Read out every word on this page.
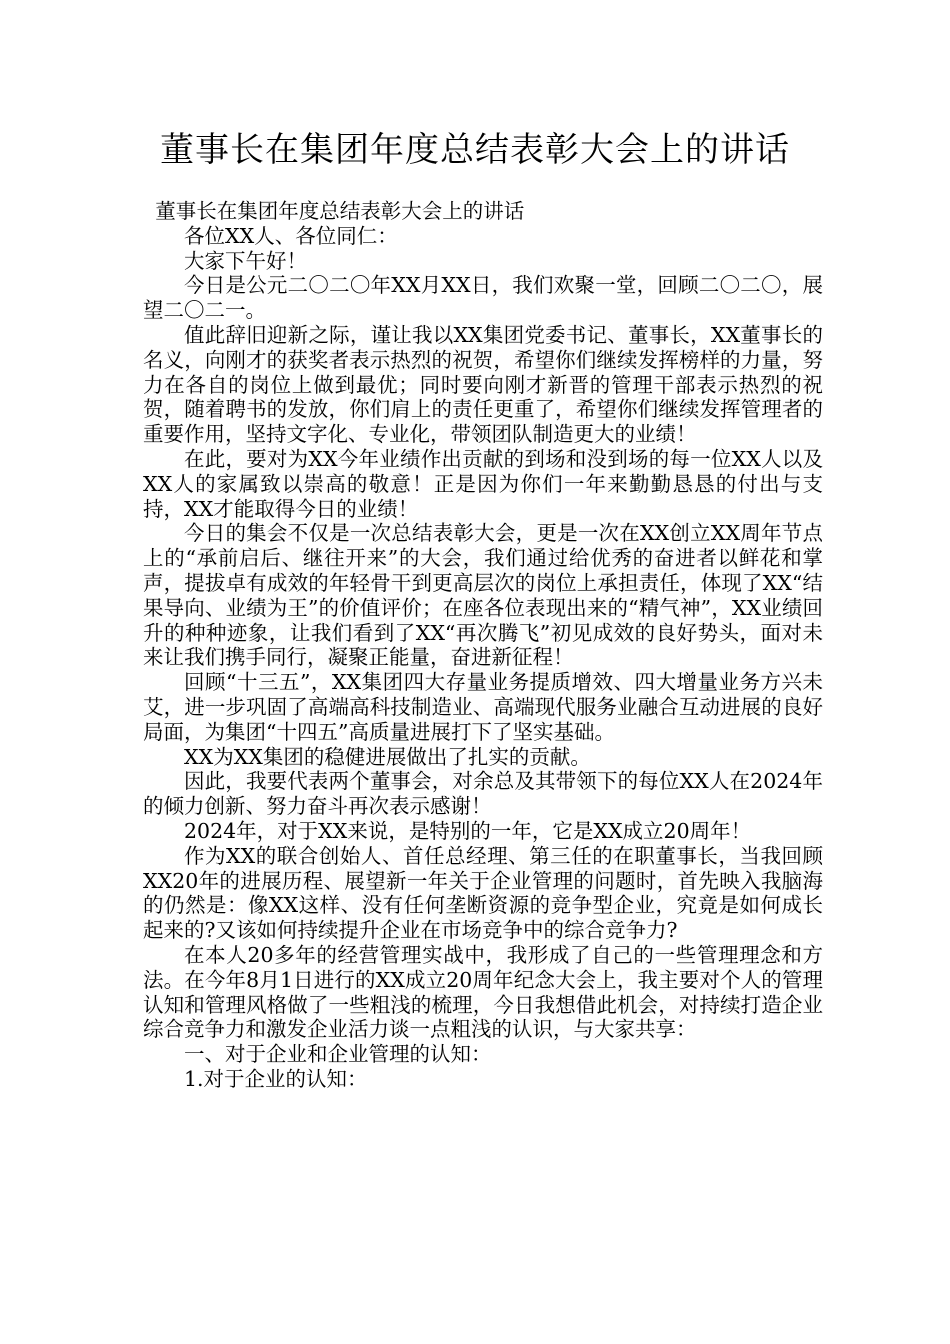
董事长在集团年度总结表彰大会上的讲话

董事长在集团年度总结表彰大会上的讲话

各位XX人、各位同仁：

大家下午好！

今日是公元二〇二〇年XX月XX日，我们欢聚一堂，回顾二〇二〇，展望二〇二一。

值此辞旧迎新之际，谨让我以XX集团党委书记、董事长，XX董事长的名义，向刚才的获奖者表示热烈的祝贺，希望你们继续发挥榜样的力量，努力在各自的岗位上做到最优；同时要向刚才新晋的管理干部表示热烈的祝贺，随着聘书的发放，你们肩上的责任更重了，希望你们继续发挥管理者的重要作用，坚持文字化、专业化，带领团队制造更大的业绩！

在此，要对为XX今年业绩作出贡献的到场和没到场的每一位XX人以及XX人的家属致以崇高的敬意！正是因为你们一年来勤勤恳恳的付出与支持，XX才能取得今日的业绩！

今日的集会不仅是一次总结表彰大会，更是一次在XX创立XX周年节点上的“承前启后、继往开来”的大会，我们通过给优秀的奋进者以鲜花和掌声，提拔卓有成效的年轻骨干到更高层次的岗位上承担责任，体现了XX“结果导向、业绩为王”的价值评价；在座各位表现出来的“精气神”，XX业绩回升的种种迹象，让我们看到了XX“再次腾飞”初见成效的良好势头，面对未来让我们携手同行，凝聚正能量，奋进新征程！

回顾“十三五”，XX集团四大存量业务提质增效、四大增量业务方兴未艾，进一步巩固了高端高科技制造业、高端现代服务业融合互动进展的良好局面，为集团“十四五”高质量进展打下了坚实基础。

XX为XX集团的稳健进展做出了扎实的贡献。

因此，我要代表两个董事会，对余总及其带领下的每位XX人在2024年的倾力创新、努力奋斗再次表示感谢！

2024年，对于XX来说，是特别的一年，它是XX成立20周年！

作为XX的联合创始人、首任总经理、第三任的在职董事长，当我回顾XX20年的进展历程、展望新一年关于企业管理的问题时，首先映入我脑海的仍然是：像XX这样、没有任何垄断资源的竞争型企业，究竟是如何成长起来的?又该如何持续提升企业在市场竞争中的综合竞争力?

在本人20多年的经营管理实战中，我形成了自己的一些管理理念和方法。在今年8月1日进行的XX成立20周年纪念大会上，我主要对个人的管理认知和管理风格做了一些粗浅的梳理，今日我想借此机会，对持续打造企业综合竞争力和激发企业活力谈一点粗浅的认识，与大家共享：

一、对于企业和企业管理的认知：

1.对于企业的认知：
